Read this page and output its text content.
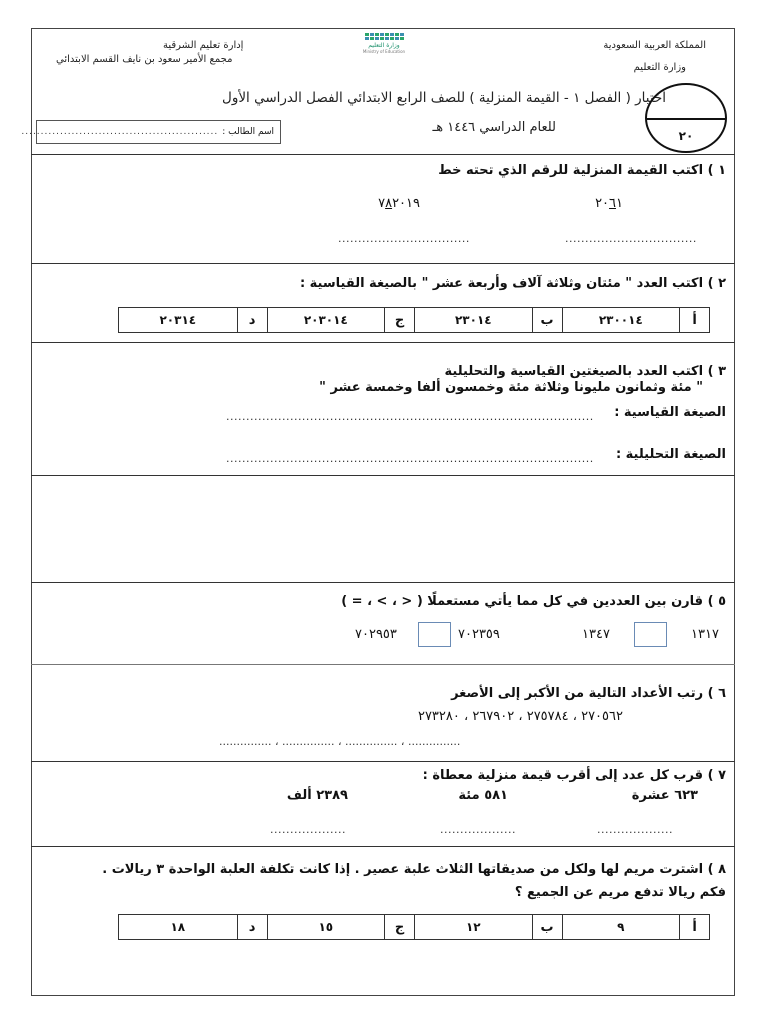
المملكة العربية السعودية
وزارة التعليم
إدارة تعليم الشرقية
مجمع الأمير سعود بن نايف القسم الابتدائي
وزارة التعليم
Ministry of Education
اختبار ( الفصل ١ - القيمة المنزلية ) للصف الرابع الابتدائي الفصل الدراسي الأول
للعام الدراسي ١٤٤٦ هـ
اسم الطالب :
...................................................	٢٠
١ ) اكتب القيمة المنزلية للرقم الذي تحته خط
٢٠٦١
٧٨٢٠١٩
.................................
.................................
٢ ) اكتب العدد " مئتان وثلاثة آلاف وأربعة عشر " بالصيغة القياسية :
أ
٢٣٠٠١٤
ب
٢٣٠١٤
ج
٢٠٣٠١٤
د
٢٠٣١٤
٣ ) اكتب العدد بالصيغتين القياسية والتحليلية
" مئة وثمانون مليونا وثلاثة مئة وخمسون ألفا وخمسة عشر "
الصيغة القياسية :
............................................................................................
الصيغة التحليلية :
............................................................................................
٥ ) قارن بين العددين في كل مما يأتي مستعملًا ( < ، > ، = )
١٣١٧
١٣٤٧
٧٠٢٣٥٩
٧٠٢٩٥٣
٦ ) رتب الأعداد التالية من الأكبر إلى الأصغر
٢٧٠٥٦٢ ، ٢٧٥٧٨٤ ، ٢٦٧٩٠٢ ، ٢٧٣٢٨٠
............... ، ............... ، ............... ، ...............
٧ ) قرب كل عدد إلى أقرب قيمة منزلية معطاة :
٦٢٣ عشرة
٥٨١ مئة
٢٣٨٩ ألف
...................
...................
...................
٨ ) اشترت مريم لها ولكل من صديقاتها الثلاث علبة عصير . إذا كانت تكلفة العلبة الواحدة ٣ ريالات .
فكم ريالا تدفع مريم عن الجميع ؟
أ
٩
ب
١٢
ج
١٥
د
١٨
